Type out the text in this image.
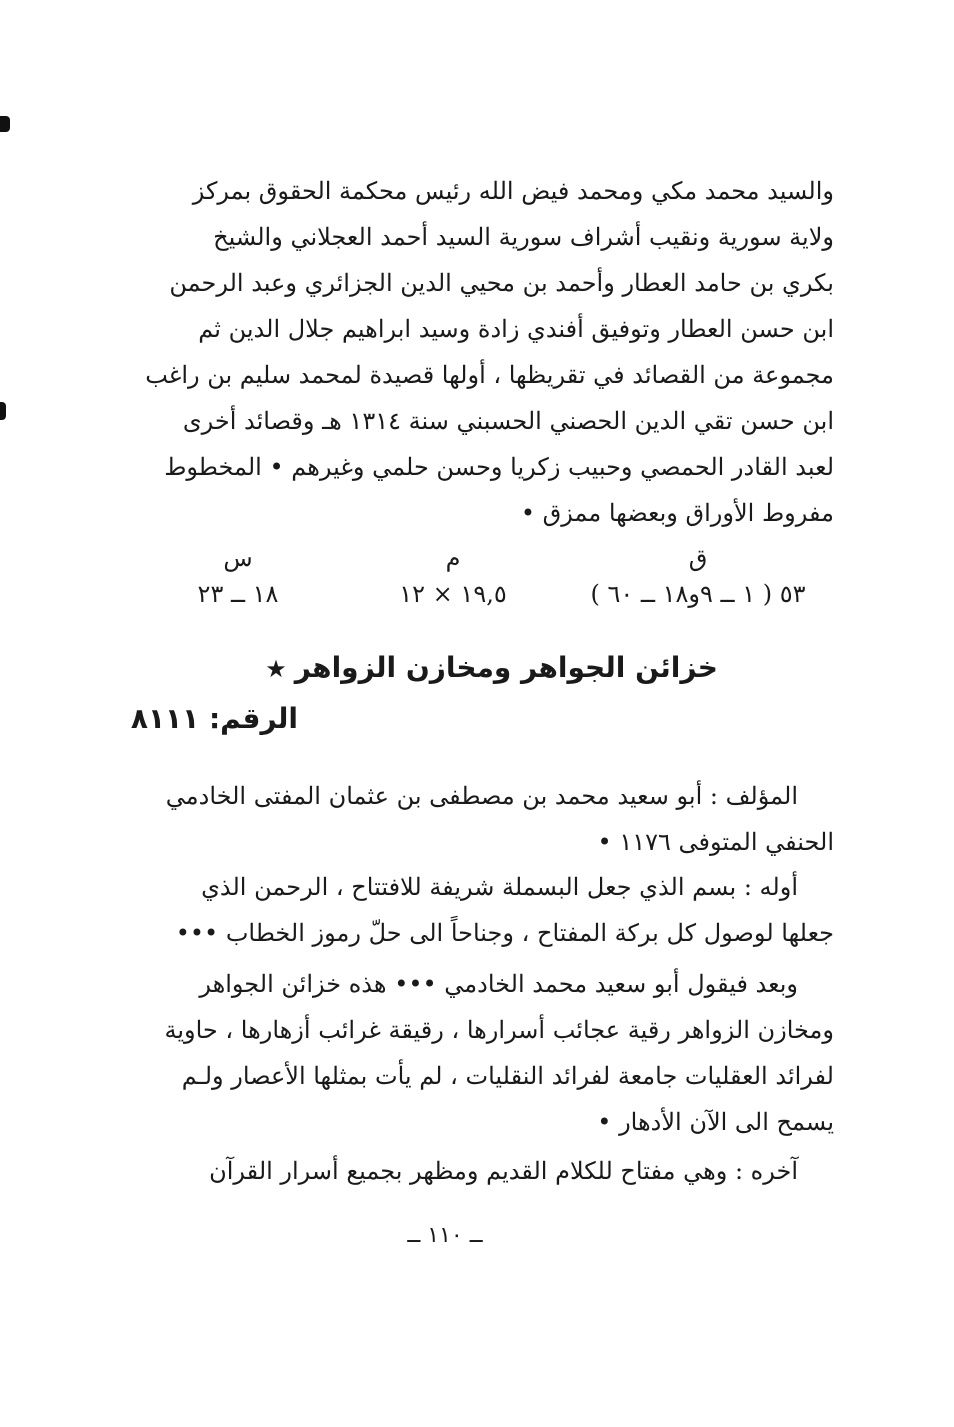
والسيد محمد مكي ومحمد فيض الله رئيس محكمة الحقوق بمركز
ولاية سورية ونقيب أشراف سورية السيد أحمد العجلاني والشيخ
بكري بن حامد العطار وأحمد بن محيي الدين الجزائري وعبد الرحمن
ابن حسن العطار وتوفيق أفندي زادة وسيد ابراهيم جلال الدين ثم
مجموعة من القصائد في تقريظها ، أولها قصيدة لمحمد سليم بن راغب
ابن حسن تقي الدين الحصني الحسبني سنة ١٣١٤ هـ وقصائد أخرى
لعبد القادر الحمصي وحبيب زكريا وحسن حلمي وغيرهم • المخطوط
مفروط الأوراق وبعضها ممزق •
ق
٥٣ ( ١ ــ ٩و١٨ ــ ٦٠ )
م
١٩,٥ × ١٢
س
١٨ ــ ٢٣
خزائن الجواهر ومخازن الزواهر★
الرقم: ٨١١١
المؤلف : أبو سعيد محمد بن مصطفى بن عثمان المفتى الخادمي
الحنفي المتوفى ١١٧٦ •
أوله : بسم الذي جعل البسملة شريفة للافتتاح ، الرحمن الذي
جعلها لوصول كل بركة المفتاح ، وجناحاً الى حلّ رموز الخطاب •••
وبعد فيقول أبو سعيد محمد الخادمي ••• هذه خزائن الجواهر
ومخازن الزواهر رقية عجائب أسرارها ، رقيقة غرائب أزهارها ، حاوية
لفرائد العقليات جامعة لفرائد النقليات ، لم يأت بمثلها الأعصار ولـم
يسمح الى الآن الأدهار •
آخره : وهي مفتاح للكلام القديم ومظهر بجميع أسرار القرآن
ــ ١١٠ ــ
